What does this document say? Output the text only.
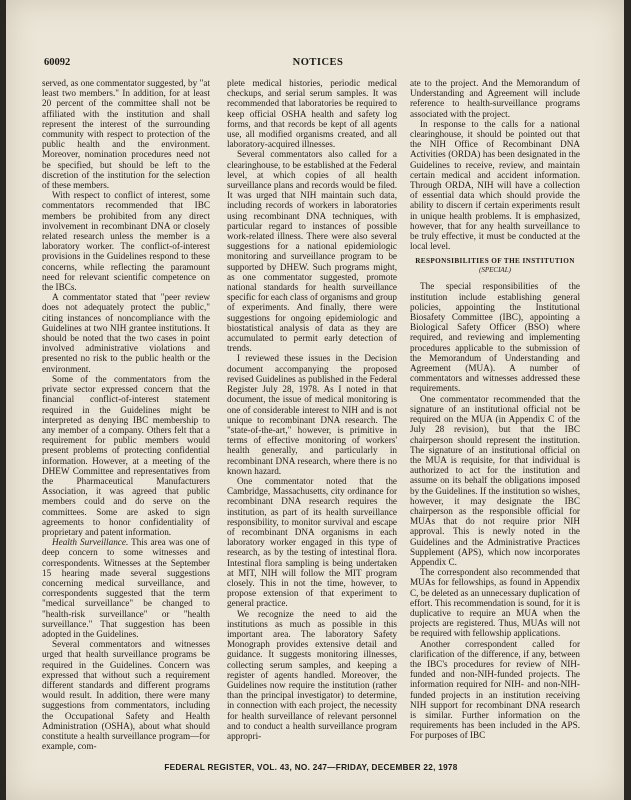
60092	NOTICES

served, as one commentator suggested, by "at least two members." In addition, for at least 20 percent of the committee shall not be affiliated with the institution and shall represent the interest of the surrounding community with respect to protection of the public health and the environment. Moreover, nomination procedures need not be specified, but should be left to the discretion of the institution for the selection of these members.

With respect to conflict of interest, some commentators recommended that IBC members be prohibited from any direct involvement in recombinant DNA or closely related research unless the member is a laboratory worker. The conflict-of-interest provisions in the Guidelines respond to these concerns, while reflecting the paramount need for relevant scientific competence on the IBCs.

A commentator stated that "peer review does not adequately protect the public," citing instances of noncompliance with the Guidelines at two NIH grantee institutions. It should be noted that the two cases in point involved administrative violations and presented no risk to the public health or the environment.

Some of the commentators from the private sector expressed concern that the financial conflict-of-interest statement required in the Guidelines might be interpreted as denying IBC membership to any member of a company. Others felt that a requirement for public members would present problems of protecting confidential information. However, at a meeting of the DHEW Committee and representatives from the Pharmaceutical Manufacturers Association, it was agreed that public members could and do serve on the committees. Some are asked to sign agreements to honor confidentiality of proprietary and patent information.

Health Surveillance. This area was one of deep concern to some witnesses and correspondents. Witnesses at the September 15 hearing made several suggestions concerning medical surveillance, and correspondents suggested that the term "medical surveillance" be changed to "health-risk surveillance" or "health surveillance." That suggestion has been adopted in the Guidelines.

Several commentators and witnesses urged that health surveillance programs be required in the Guidelines. Concern was expressed that without such a requirement different standards and different programs would result. In addition, there were many suggestions from commentators, including the Occupational Safety and Health Administration (OSHA), about what should constitute a health surveillance program—for example, com-

plete medical histories, periodic medical checkups, and serial serum samples. It was recommended that laboratories be required to keep official OSHA health and safety log forms, and that records be kept of all agents use, all modified organisms created, and all laboratory-acquired illnesses.

Several commentators also called for a clearinghouse, to be established at the Federal level, at which copies of all health surveillance plans and records would be filed. It was urged that NIH maintain such data, including records of workers in laboratories using recombinant DNA techniques, with particular regard to instances of possible work-related illness. There were also several suggestions for a national epidemiologic monitoring and surveillance program to be supported by DHEW. Such programs might, as one commentator suggested, promote national standards for health surveillance specific for each class of organisms and group of experiments. And finally, there were suggestions for ongoing epidemiologic and biostatistical analysis of data as they are accumulated to permit early detection of trends.

I reviewed these issues in the Decision document accompanying the proposed revised Guidelines as published in the Federal Register July 28, 1978. As I noted in that document, the issue of medical monitoring is one of considerable interest to NIH and is not unique to recombinant DNA research. The "state-of-the-art," however, is primitive in terms of effective monitoring of workers' health generally, and particularly in recombinant DNA research, where there is no known hazard.

One commentator noted that the Cambridge, Massachusetts, city ordinance for recombinant DNA research requires the institution, as part of its health surveillance responsibility, to monitor survival and escape of recombinant DNA organisms in each laboratory worker engaged in this type of research, as by the testing of intestinal flora. Intestinal flora sampling is being undertaken at MIT, NIH will follow the MIT program closely. This in not the time, however, to propose extension of that experiment to general practice.

We recognize the need to aid the institutions as much as possible in this important area. The laboratory Safety Monograph provides extensive detail and guidance. It suggests monitoring illnesses, collecting serum samples, and keeping a register of agents handled. Moreover, the Guidelines now require the institution (rather than the principal investigator) to determine, in connection with each project, the necessity for health surveillance of relevant personnel and to conduct a health surveillance program appropri-

ate to the project. And the Memorandum of Understanding and Agreement will include reference to health-surveillance programs associated with the project.

In response to the calls for a national clearinghouse, it should be pointed out that the NIH Office of Recombinant DNA Activities (ORDA) has been designated in the Guidelines to receive, review, and maintain certain medical and accident information. Through ORDA, NIH will have a collection of essential data which should provide the ability to discern if certain experiments result in unique health problems. It is emphasized, however, that for any health surveillance to be truly effective, it must be conducted at the local level.

RESPONSIBILITIES OF THE INSTITUTION

(SPECIAL)

The special responsibilities of the institution include establishing general policies, appointing the Institutional Biosafety Committee (IBC), appointing a Biological Safety Officer (BSO) where required, and reviewing and implementing procedures applicable to the submission of the Memorandum of Understanding and Agreement (MUA). A number of commentators and witnesses addressed these requirements.

One commentator recommended that the signature of an institutional official not be required on the MUA (in Appendix C of the July 28 revision), but that the IBC chairperson should represent the institution. The signature of an institutional official on the MUA is requisite, for that individual is authorized to act for the institution and assume on its behalf the obligations imposed by the Guidelines. If the institution so wishes, however, it may designate the IBC chairperson as the responsible official for MUAs that do not require prior NIH approval. This is newly noted in the Guidelines and the Administrative Practices Supplement (APS), which now incorporates Appendix C.

The correspondent also recommended that MUAs for fellowships, as found in Appendix C, be deleted as an unnecessary duplication of effort. This recommendation is sound, for it is duplicative to require an MUA when the projects are registered. Thus, MUAs will not be required with fellowship applications.

Another correspondent called for clarification of the difference, if any, between the IBC's procedures for review of NIH-funded and non-NIH-funded projects. The information required for NIH- and non-NIH-funded projects in an institution receiving NIH support for recombinant DNA research is similar. Further information on the requirements has been included in the APS. For purposes of IBC

FEDERAL REGISTER, VOL. 43, NO. 247—FRIDAY, DECEMBER 22, 1978
